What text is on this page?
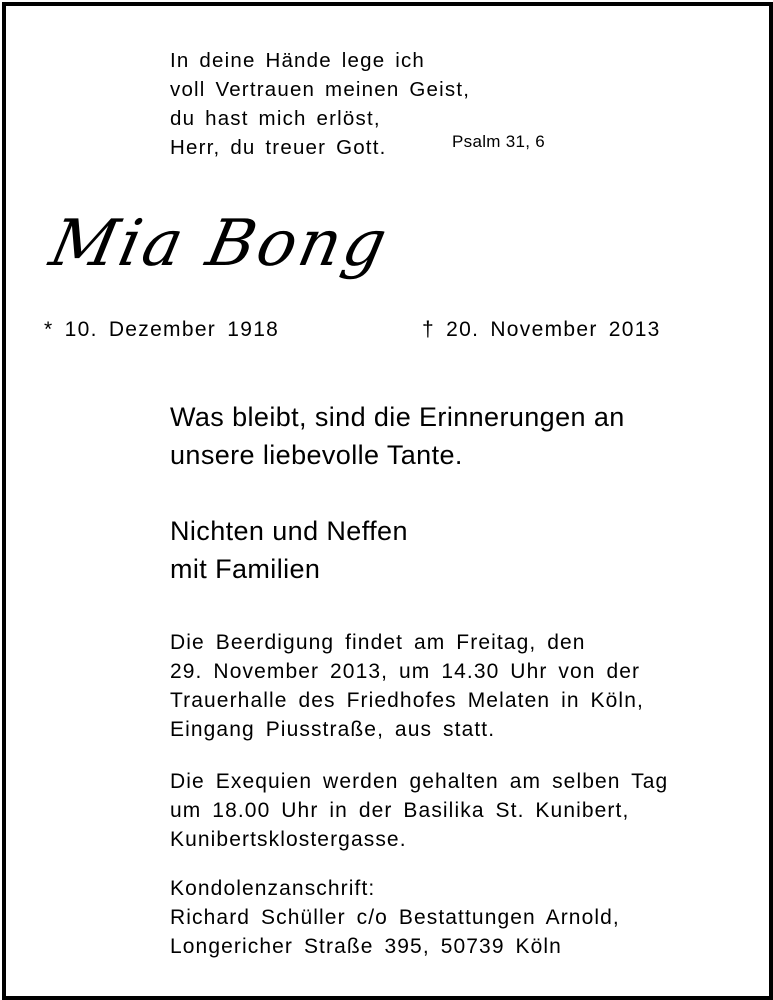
In deine Hände lege ich
voll Vertrauen meinen Geist,
du hast mich erlöst,
Herr, du treuer Gott.	Psalm 31, 6
Mia Bong
* 10. Dezember 1918	† 20. November 2013
Was bleibt, sind die Erinnerungen an
unsere liebevolle Tante.
Nichten und Neffen
mit Familien
Die Beerdigung findet am Freitag, den
29. November 2013, um 14.30 Uhr von der
Trauerhalle des Friedhofes Melaten in Köln,
Eingang Piusstraße, aus statt.
Die Exequien werden gehalten am selben Tag
um 18.00 Uhr in der Basilika St. Kunibert,
Kunibertsklostergasse.
Kondolenzanschrift:
Richard Schüller c/o Bestattungen Arnold,
Longericher Straße 395, 50739 Köln
